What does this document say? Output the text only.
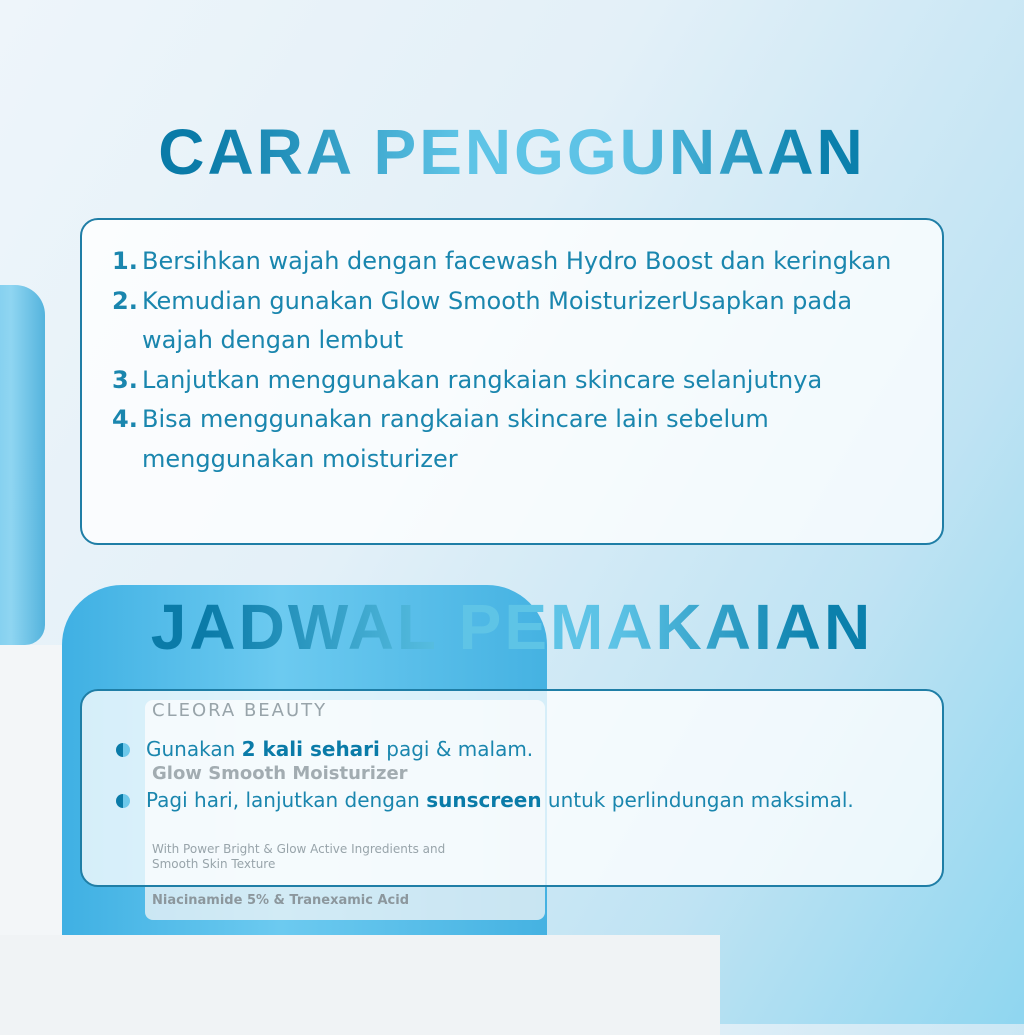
CLEORA BEAUTY
Glow Smooth Moisturizer
With Power Bright & Glow Active Ingredients and Smooth Skin Texture
Niacinamide 5% & Tranexamic Acid
CARA PENGGUNAAN
1. Bersihkan wajah dengan facewash Hydro Boost dan keringkan
2. Kemudian gunakan Glow Smooth MoisturizerUsapkan pada wajah dengan lembut
3. Lanjutkan menggunakan rangkaian skincare selanjutnya
4. Bisa menggunakan rangkaian skincare lain sebelum menggunakan moisturizer
JADWAL PEMAKAIAN
Gunakan 2 kali sehari pagi & malam.
Pagi hari, lanjutkan dengan sunscreen untuk perlindungan maksimal.
